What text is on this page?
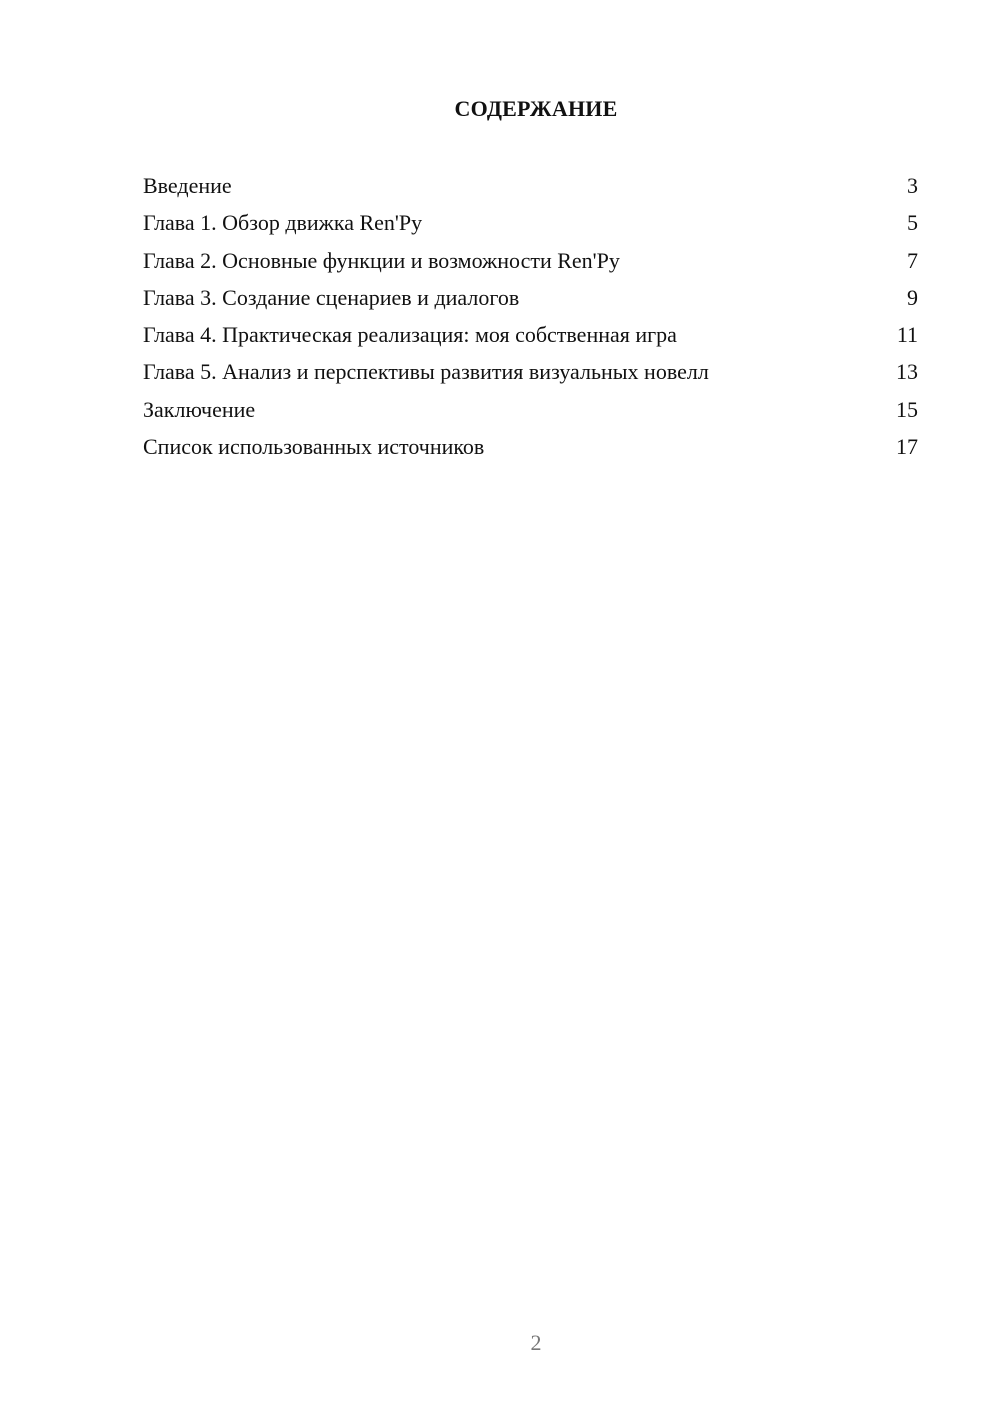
СОДЕРЖАНИЕ
Введение	3
Глава 1. Обзор движка Ren'Py	5
Глава 2. Основные функции и возможности Ren'Py	7
Глава 3. Создание сценариев и диалогов	9
Глава 4. Практическая реализация: моя собственная игра	11
Глава 5. Анализ и перспективы развития визуальных новелл	13
Заключение	15
Список использованных источников	17
2
